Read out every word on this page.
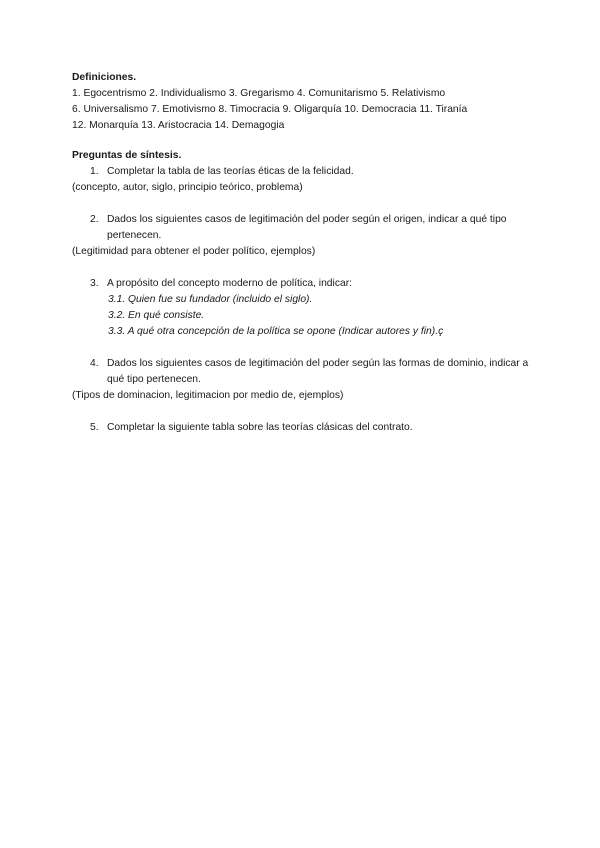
Definiciones.

1. Egocentrismo 2. Individualismo 3. Gregarismo 4. Comunitarismo 5. Relativismo

6. Universalismo 7. Emotivismo 8. Timocracia 9. Oligarquía 10. Democracia 11. Tiranía

12. Monarquía 13. Aristocracia 14. Demagogia

Preguntas de síntesis.

1. Completar la tabla de las teorías éticas de la felicidad.

(concepto, autor, siglo, principio teórico, problema)

2. Dados los siguientes casos de legitimación del poder según el origen, indicar a qué tipo pertenecen.

(Legitimidad para obtener el poder político, ejemplos)

3. A propósito del concepto moderno de política, indicar:

3.1. Quien fue su fundador (incluido el siglo).

3.2. En qué consiste.

3.3. A qué otra concepción de la política se opone (Indicar autores y fin).ç

4. Dados los siguientes casos de legitimación del poder según las formas de dominio, indicar a qué tipo pertenecen.

(Tipos de dominacion, legitimacion por medio de, ejemplos)

5. Completar la siguiente tabla sobre las teorías clásicas del contrato.
